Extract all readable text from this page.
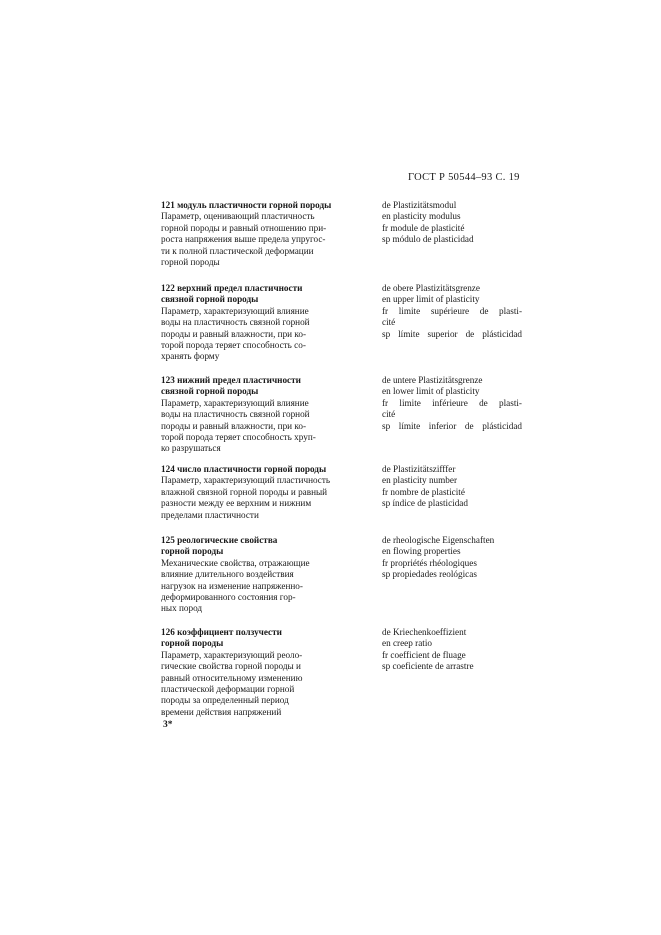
ГОСТ Р 50544–93 С. 19
121 модуль пластичности горной породы
Параметр, оценивающий пластичность
горной породы и равный отношению при-
роста напряжения выше предела упругос-
ти к полной пластической деформации
горной породы
de Plastizitätsmodul
en plasticity modulus
fr module de plasticité
sp módulo de plasticidad
122 верхний предел пластичности
связной горной породы
Параметр, характеризующий влияние
воды на пластичность связной горной
породы и равный влажности, при ко-
торой порода теряет способность со-
хранять форму
de obere Plastizitätsgrenze
en upper limit of plasticity
fr limite supérieure de plasti-
cité
sp límite superior de plásticidad
123 нижний предел пластичности
связной горной породы
Параметр, характеризующий влияние
воды на пластичность связной горной
породы и равный влажности, при ко-
торой порода теряет способность хруп-
ко разрушаться
de untere Plastizitätsgrenze
en lower limit of plasticity
fr limite inférieure de plasti-
cité
sp límite inferior de plásticidad
124 число пластичности горной породы
Параметр, характеризующий пластичность
влажной связной горной породы и равный
разности между ее верхним и нижним
пределами пластичности
de Plastizitätszifffer
en plasticity number
fr nombre de plasticité
sp índice de plasticidad
125 реологические свойства
горной породы
Механические свойства, отражающие
влияние длительного воздействия
нагрузок на изменение напряженно-
деформированного состояния гор-
ных пород
de rheologische Eigenschaften
en flowing properties
fr propriétés rhéologiques
sp propiedades reológicas
126 коэффициент ползучести
горной породы
Параметр, характеризующий реоло-
гические свойства горной породы и
равный относительному изменению
пластической деформации горной
породы за определенный период
времени действия напряжений
de Kriechenkoeffizient
en creep ratio
fr coefficient de fluage
sp coeficiente de arrastre
3*
